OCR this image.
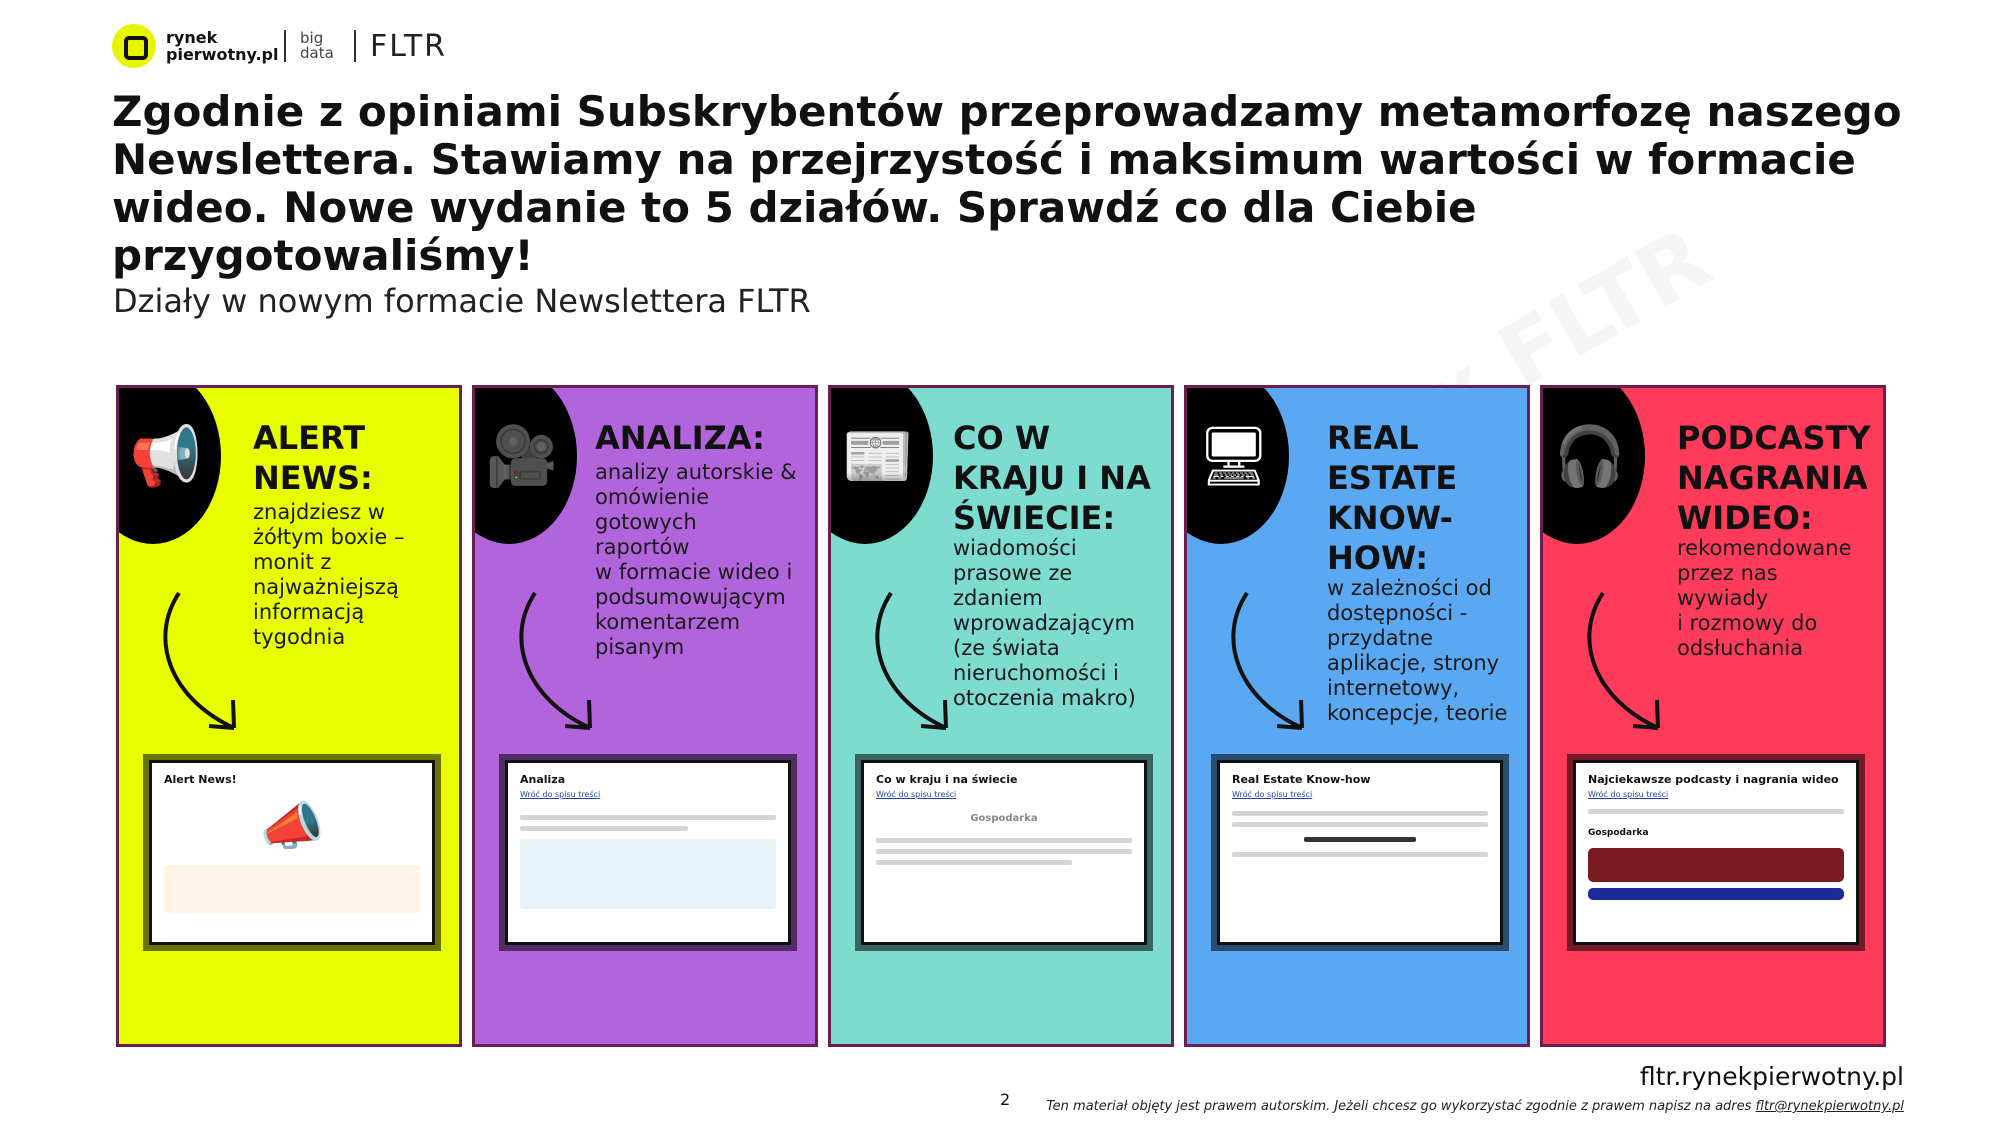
rynek pierwotny.pl
big data FLTR
Zgodnie z opiniami Subskrybentów przeprowadzamy metamorfozę naszego Newslettera. Stawiamy na przejrzystość i maksimum wartości w formacie wideo. Nowe wydanie to 5 działów. Sprawdź co dla Ciebie przygotowaliśmy!

Działy w nowym formacie Newslettera FLTR

📢 ALERT
NEWS:
znajdziesz w
żółtym boxie –
monit z
najważniejszą
informacją
tygodnia
Alert News!
📣
🎥 ANALIZA:
analizy autorskie &
omówienie
gotowych
raportów
w formacie wideo i
podsumowującym
komentarzem
pisanym
Analiza
Wróć do spisu treści
📰 CO W
KRAJU I NA
ŚWIECIE:
wiadomości
prasowe ze
zdaniem
wprowadzającym
(ze świata
nieruchomości i
otoczenia makro)
Co w kraju i na świecie
Wróć do spisu treści
Gospodarka
🖥 REAL
ESTATE
KNOW-
HOW:
w zależności od
dostępności -
przydatne
aplikacje, strony
internetowy,
koncepcje, teorie
Real Estate Know-how
Wróć do spisu treści
🎧 PODCASTY
NAGRANIA
WIDEO:
rekomendowane
przez nas
wywiady
i rozmowy do
odsłuchania
Najciekawsze podcasty i nagrania wideo
Wróć do spisu treści
Gospodarka

fltr.rynekpierwotny.pl

2	Ten materiał objęty jest prawem autorskim. Jeżeli chcesz go wykorzystać zgodnie z prawem napisz na adres fltr@rynekpierwotny.pl
